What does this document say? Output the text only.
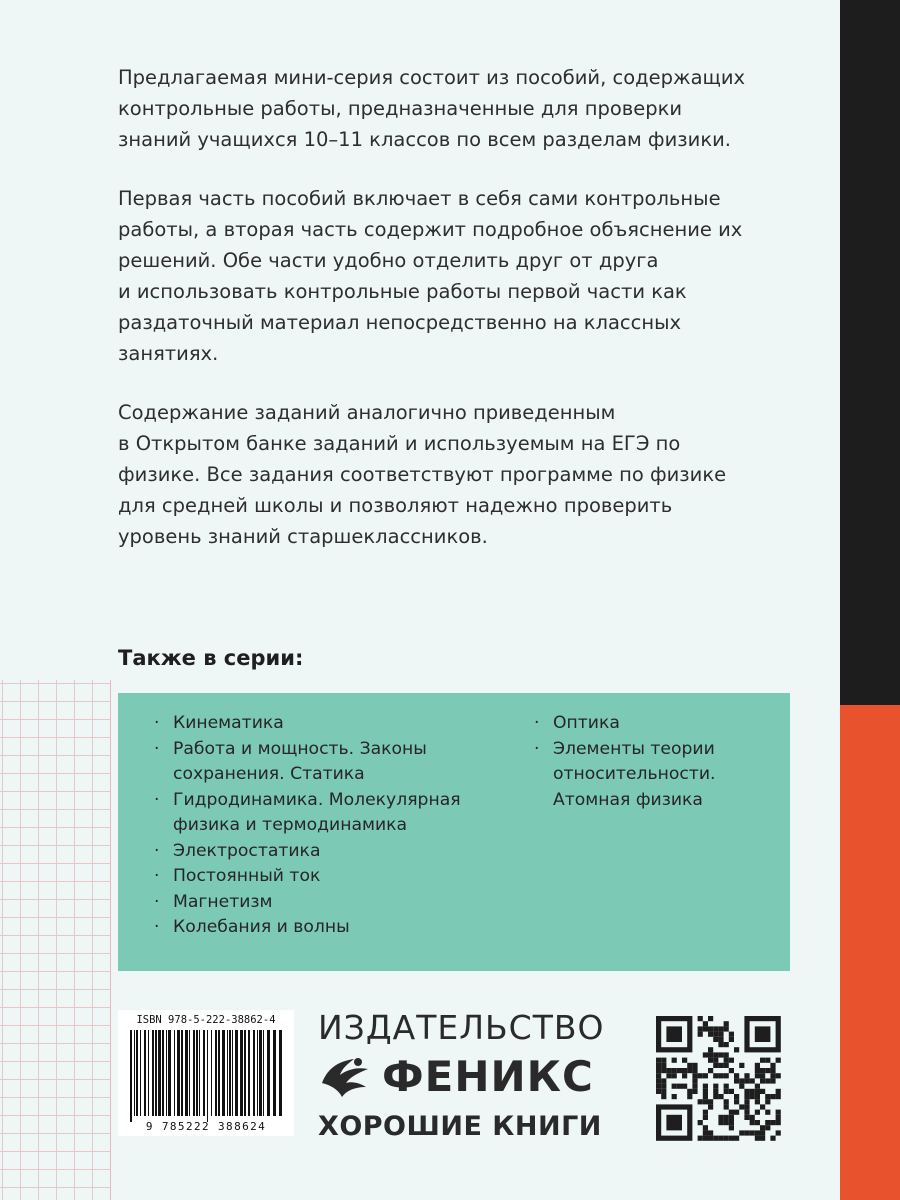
Предлагаемая мини-серия состоит из пособий, содержащих
контрольные работы, предназначенные для проверки
знаний учащихся 10–11 классов по всем разделам физики.

Первая часть пособий включает в себя сами контрольные
работы, а вторая часть содержит подробное объяснение их
решений. Обе части удобно отделить друг от друга
и использовать контрольные работы первой части как
раздаточный материал непосредственно на классных
занятиях.

Содержание заданий аналогично приведенным
в Открытом банке заданий и используемым на ЕГЭ по
физике. Все задания соответствуют программе по физике
для средней школы и позволяют надежно проверить
уровень знаний старшеклассников.

Также в серии:
· Кинематика
· Работа и мощность. Законы
сохранения. Статика
· Гидродинамика. Молекулярная
физика и термодинамика
· Электростатика
· Постоянный ток
· Магнетизм
· Колебания и волны
· Оптика
· Элементы теории
относительности.
Атомная физика
ISBN 978-5-222-38862-4
9 785222 388624
ИЗДАТЕЛЬСТВО
ФЕНИКС
ХОРОШИЕ КНИГИ
